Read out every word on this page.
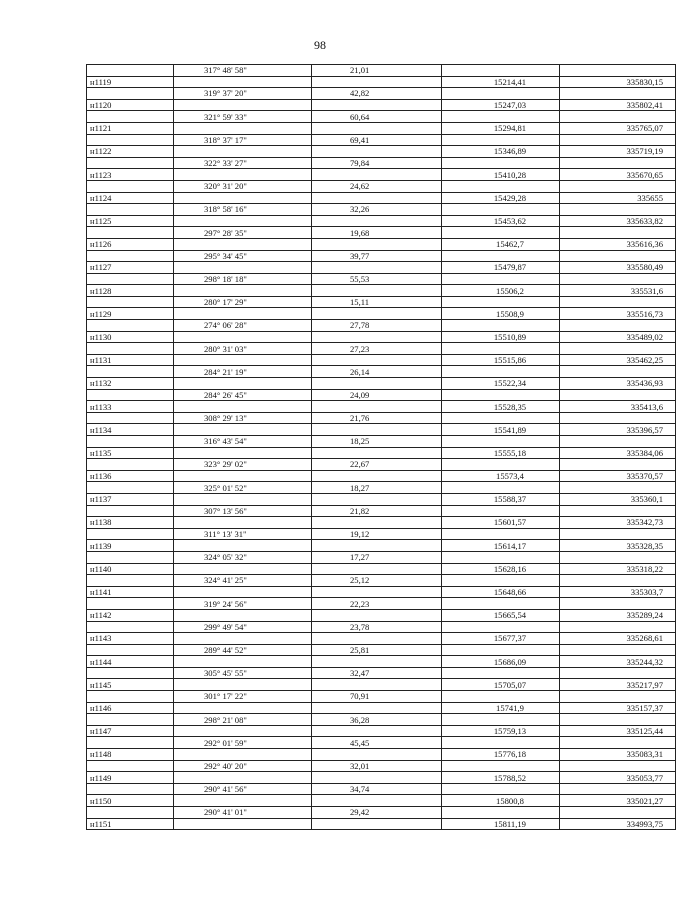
98
	317° 48' 58"	21,01		
н1119			15214,41	335830,15
	319° 37' 20"	42,82		
н1120			15247,03	335802,41
	321° 59' 33"	60,64		
н1121			15294,81	335765,07
	318° 37' 17"	69,41		
н1122			15346,89	335719,19
	322° 33' 27"	79,84		
н1123			15410,28	335670,65
	320° 31' 20"	24,62		
н1124			15429,28	335655
	318° 58' 16"	32,26		
н1125			15453,62	335633,82
	297° 28' 35"	19,68		
н1126			15462,7	335616,36
	295° 34' 45"	39,77		
н1127			15479,87	335580,49
	298° 18' 18"	55,53		
н1128			15506,2	335531,6
	280° 17' 29"	15,11		
н1129			15508,9	335516,73
	274° 06' 28"	27,78		
н1130			15510,89	335489,02
	280° 31' 03"	27,23		
н1131			15515,86	335462,25
	284° 21' 19"	26,14		
н1132			15522,34	335436,93
	284° 26' 45"	24,09		
н1133			15528,35	335413,6
	308° 29' 13"	21,76		
н1134			15541,89	335396,57
	316° 43' 54"	18,25		
н1135			15555,18	335384,06
	323° 29' 02"	22,67		
н1136			15573,4	335370,57
	325° 01' 52"	18,27		
н1137			15588,37	335360,1
	307° 13' 56"	21,82		
н1138			15601,57	335342,73
	311° 13' 31"	19,12		
н1139			15614,17	335328,35
	324° 05' 32"	17,27		
н1140			15628,16	335318,22
	324° 41' 25"	25,12		
н1141			15648,66	335303,7
	319° 24' 56"	22,23		
н1142			15665,54	335289,24
	299° 49' 54"	23,78		
н1143			15677,37	335268,61
	289° 44' 52"	25,81		
н1144			15686,09	335244,32
	305° 45' 55"	32,47		
н1145			15705,07	335217,97
	301° 17' 22"	70,91		
н1146			15741,9	335157,37
	298° 21' 08"	36,28		
н1147			15759,13	335125,44
	292° 01' 59"	45,45		
н1148			15776,18	335083,31
	292° 40' 20"	32,01		
н1149			15788,52	335053,77
	290° 41' 56"	34,74		
н1150			15800,8	335021,27
	290° 41' 01"	29,42		
н1151			15811,19	334993,75
